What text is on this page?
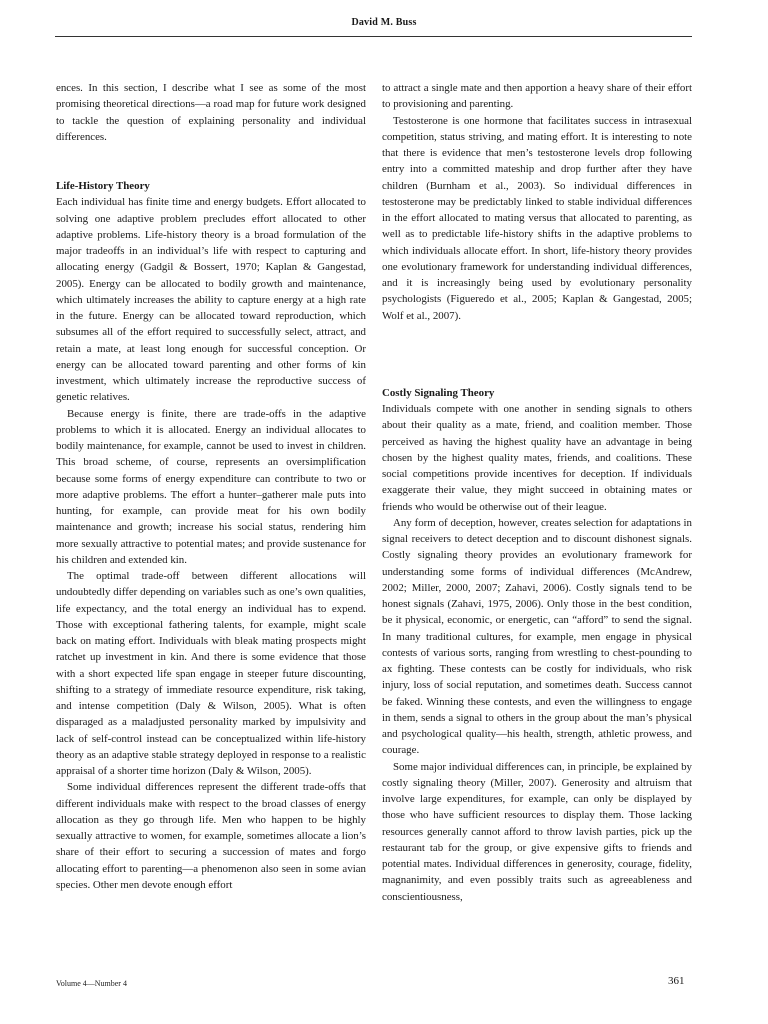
David M. Buss

ences. In this section, I describe what I see as some of the most promising theoretical directions—a road map for future work designed to tackle the question of explaining personality and individual differences.

Life-History Theory

Each individual has finite time and energy budgets. Effort allocated to solving one adaptive problem precludes effort allocated to other adaptive problems. Life-history theory is a broad formulation of the major tradeoffs in an individual’s life with respect to capturing and allocating energy (Gadgil & Bossert, 1970; Kaplan & Gangestad, 2005). Energy can be allocated to bodily growth and maintenance, which ultimately increases the ability to capture energy at a high rate in the future. Energy can be allocated toward reproduction, which subsumes all of the effort required to successfully select, attract, and retain a mate, at least long enough for successful conception. Or energy can be allocated toward parenting and other forms of kin investment, which ultimately increase the reproductive success of genetic relatives.

Because energy is finite, there are trade-offs in the adaptive problems to which it is allocated. Energy an individual allocates to bodily maintenance, for example, cannot be used to invest in children. This broad scheme, of course, represents an oversimplification because some forms of energy expenditure can contribute to two or more adaptive problems. The effort a hunter–gatherer male puts into hunting, for example, can provide meat for his own bodily maintenance and growth; increase his social status, rendering him more sexually attractive to potential mates; and provide sustenance for his children and extended kin.

The optimal trade-off between different allocations will undoubtedly differ depending on variables such as one’s own qualities, life expectancy, and the total energy an individual has to expend. Those with exceptional fathering talents, for example, might scale back on mating effort. Individuals with bleak mating prospects might ratchet up investment in kin. And there is some evidence that those with a short expected life span engage in steeper future discounting, shifting to a strategy of immediate resource expenditure, risk taking, and intense competition (Daly & Wilson, 2005). What is often disparaged as a maladjusted personality marked by impulsivity and lack of self-control instead can be conceptualized within life-history theory as an adaptive stable strategy deployed in response to a realistic appraisal of a shorter time horizon (Daly & Wilson, 2005).

Some individual differences represent the different trade-offs that different individuals make with respect to the broad classes of energy allocation as they go through life. Men who happen to be highly sexually attractive to women, for example, sometimes allocate a lion’s share of their effort to securing a succession of mates and forgo allocating effort to parenting—a phenomenon also seen in some avian species. Other men devote enough effort

to attract a single mate and then apportion a heavy share of their effort to provisioning and parenting.

Testosterone is one hormone that facilitates success in intrasexual competition, status striving, and mating effort. It is interesting to note that there is evidence that men’s testosterone levels drop following entry into a committed mateship and drop further after they have children (Burnham et al., 2003). So individual differences in testosterone may be predictably linked to stable individual differences in the effort allocated to mating versus that allocated to parenting, as well as to predictable life-history shifts in the adaptive problems to which individuals allocate effort. In short, life-history theory provides one evolutionary framework for understanding individual differences, and it is increasingly being used by evolutionary personality psychologists (Figueredo et al., 2005; Kaplan & Gangestad, 2005; Wolf et al., 2007).

Costly Signaling Theory

Individuals compete with one another in sending signals to others about their quality as a mate, friend, and coalition member. Those perceived as having the highest quality have an advantage in being chosen by the highest quality mates, friends, and coalitions. These social competitions provide incentives for deception. If individuals exaggerate their value, they might succeed in obtaining mates or friends who would be otherwise out of their league.

Any form of deception, however, creates selection for adaptations in signal receivers to detect deception and to discount dishonest signals. Costly signaling theory provides an evolutionary framework for understanding some forms of individual differences (McAndrew, 2002; Miller, 2000, 2007; Zahavi, 2006). Costly signals tend to be honest signals (Zahavi, 1975, 2006). Only those in the best condition, be it physical, economic, or energetic, can “afford” to send the signal. In many traditional cultures, for example, men engage in physical contests of various sorts, ranging from wrestling to chest-pounding to ax fighting. These contests can be costly for individuals, who risk injury, loss of social reputation, and sometimes death. Success cannot be faked. Winning these contests, and even the willingness to engage in them, sends a signal to others in the group about the man’s physical and psychological quality—his health, strength, athletic prowess, and courage.

Some major individual differences can, in principle, be explained by costly signaling theory (Miller, 2007). Generosity and altruism that involve large expenditures, for example, can only be displayed by those who have sufficient resources to display them. Those lacking resources generally cannot afford to throw lavish parties, pick up the restaurant tab for the group, or give expensive gifts to friends and potential mates. Individual differences in generosity, courage, fidelity, magnanimity, and even possibly traits such as agreeableness and conscientiousness,

Volume 4—Number 4	361
